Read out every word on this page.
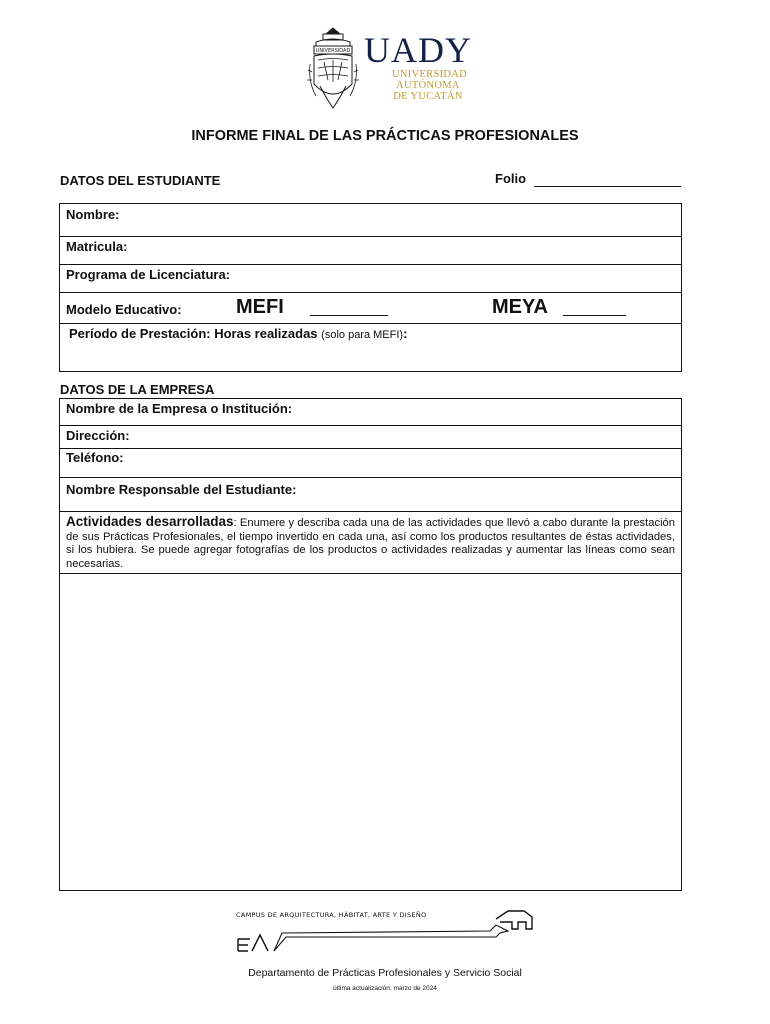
UNIVERSIDAD UADY
UNIVERSIDAD
AUTÓNOMA
DE YUCATÁN
INFORME FINAL DE LAS PRÁCTICAS PROFESIONALES
DATOS DEL ESTUDIANTE	Folio
Nombre:
Matricula:
Programa de Licenciatura:
Modelo Educativo:	MEFI	MEYA
Período de Prestación: Horas realizadas (solo para MEFI):
DATOS DE LA EMPRESA
Nombre de la Empresa o Institución:
Dirección:
Teléfono:
Nombre Responsable del Estudiante:
Actividades desarrolladas: Enumere y describa cada una de las actividades que llevó a cabo durante la prestación de sus Prácticas Profesionales, el tiempo invertido en cada una, así como los productos resultantes de éstas actividades, si los hubiera. Se puede agregar fotografías de los productos o actividades realizadas y aumentar las líneas como sean necesarias.
CAMPUS DE ARQUITECTURA, HÁBITAT, ARTE Y DISEÑO
Departamento de Prácticas Profesionales y Servicio Social
última actualización: marzo de 2024
